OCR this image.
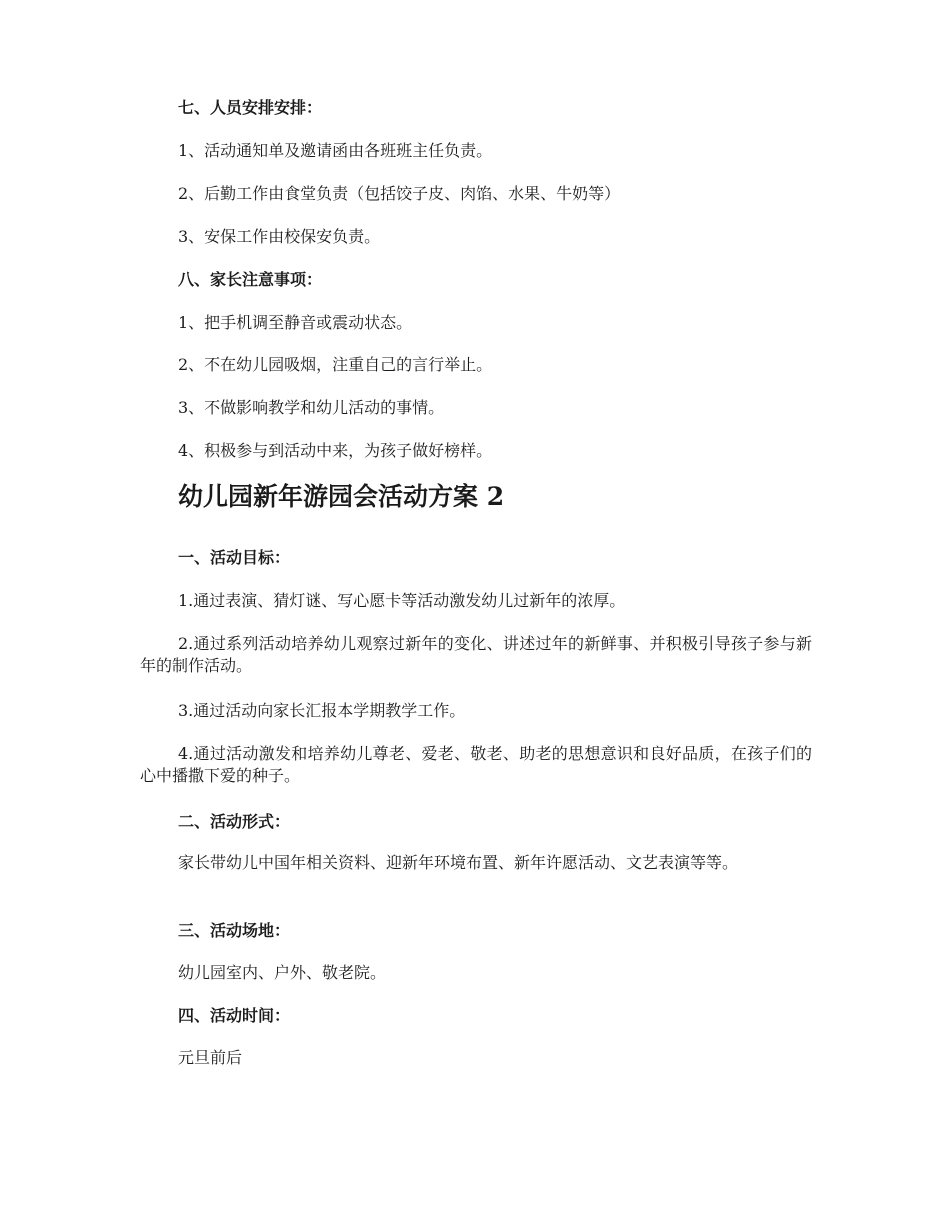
七、人员安排安排：
1、活动通知单及邀请函由各班班主任负责。
2、后勤工作由食堂负责（包括饺子皮、肉馅、水果、牛奶等）
3、安保工作由校保安负责。
八、家长注意事项：
1、把手机调至静音或震动状态。
2、不在幼儿园吸烟，注重自己的言行举止。
3、不做影响教学和幼儿活动的事情。
4、积极参与到活动中来，为孩子做好榜样。
幼儿园新年游园会活动方案 2
一、活动目标：
1.通过表演、猜灯谜、写心愿卡等活动激发幼儿过新年的浓厚。
2.通过系列活动培养幼儿观察过新年的变化、讲述过年的新鲜事、并积极引导孩子参与新年的制作活动。
3.通过活动向家长汇报本学期教学工作。
4.通过活动激发和培养幼儿尊老、爱老、敬老、助老的思想意识和良好品质，在孩子们的心中播撒下爱的种子。
二、活动形式：
家长带幼儿中国年相关资料、迎新年环境布置、新年许愿活动、文艺表演等等。
三、活动场地：
幼儿园室内、户外、敬老院。
四、活动时间：
元旦前后
